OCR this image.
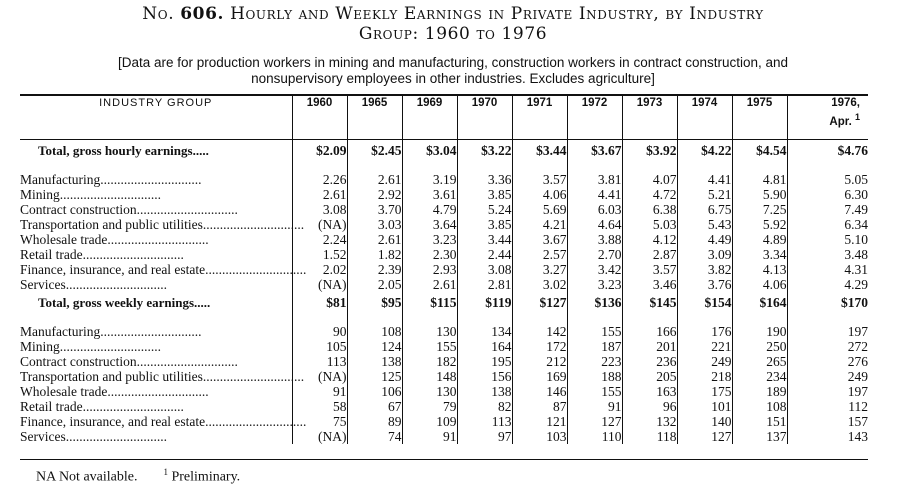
No. 606. Hourly and Weekly Earnings in Private Industry, by Industry
Group: 1960 to 1976
[Data are for production workers in mining and manufacturing, construction workers in contract construction, and
nonsupervisory employees in other industries. Excludes agriculture]
INDUSTRY GROUP	1960	1965	1969	1970	1971	1972	1973	1974	1975	1976,
Apr. $^1$

Total, gross hourly earnings.....	$2.09	$2.45	$3.04	$3.22	$3.44	$3.67	$3.92	$4.22	$4.54	$4.76

Manufacturing..............................	2.26	2.61	3.19	3.36	3.57	3.81	4.07	4.41	4.81	5.05
Mining..............................	2.61	2.92	3.61	3.85	4.06	4.41	4.72	5.21	5.90	6.30
Contract construction..............................	3.08	3.70	4.79	5.24	5.69	6.03	6.38	6.75	7.25	7.49
Transportation and public utilities..............................	(NA)	3.03	3.64	3.85	4.21	4.64	5.03	5.43	5.92	6.34
Wholesale trade..............................	2.24	2.61	3.23	3.44	3.67	3.88	4.12	4.49	4.89	5.10
Retail trade..............................	1.52	1.82	2.30	2.44	2.57	2.70	2.87	3.09	3.34	3.48
Finance, insurance, and real estate..............................	2.02	2.39	2.93	3.08	3.27	3.42	3.57	3.82	4.13	4.31
Services..............................	(NA)	2.05	2.61	2.81	3.02	3.23	3.46	3.76	4.06	4.29
Total, gross weekly earnings.....	$81	$95	$115	$119	$127	$136	$145	$154	$164	$170

Manufacturing..............................	90	108	130	134	142	155	166	176	190	197
Mining..............................	105	124	155	164	172	187	201	221	250	272
Contract construction..............................	113	138	182	195	212	223	236	249	265	276
Transportation and public utilities..............................	(NA)	125	148	156	169	188	205	218	234	249
Wholesale trade..............................	91	106	130	138	146	155	163	175	189	197
Retail trade..............................	58	67	79	82	87	91	96	101	108	112
Finance, insurance, and real estate..............................	75	89	109	113	121	127	132	140	151	157
Services..............................	(NA)	74	91	97	103	110	118	127	137	143
NA Not available.	$^1$ Preliminary.
